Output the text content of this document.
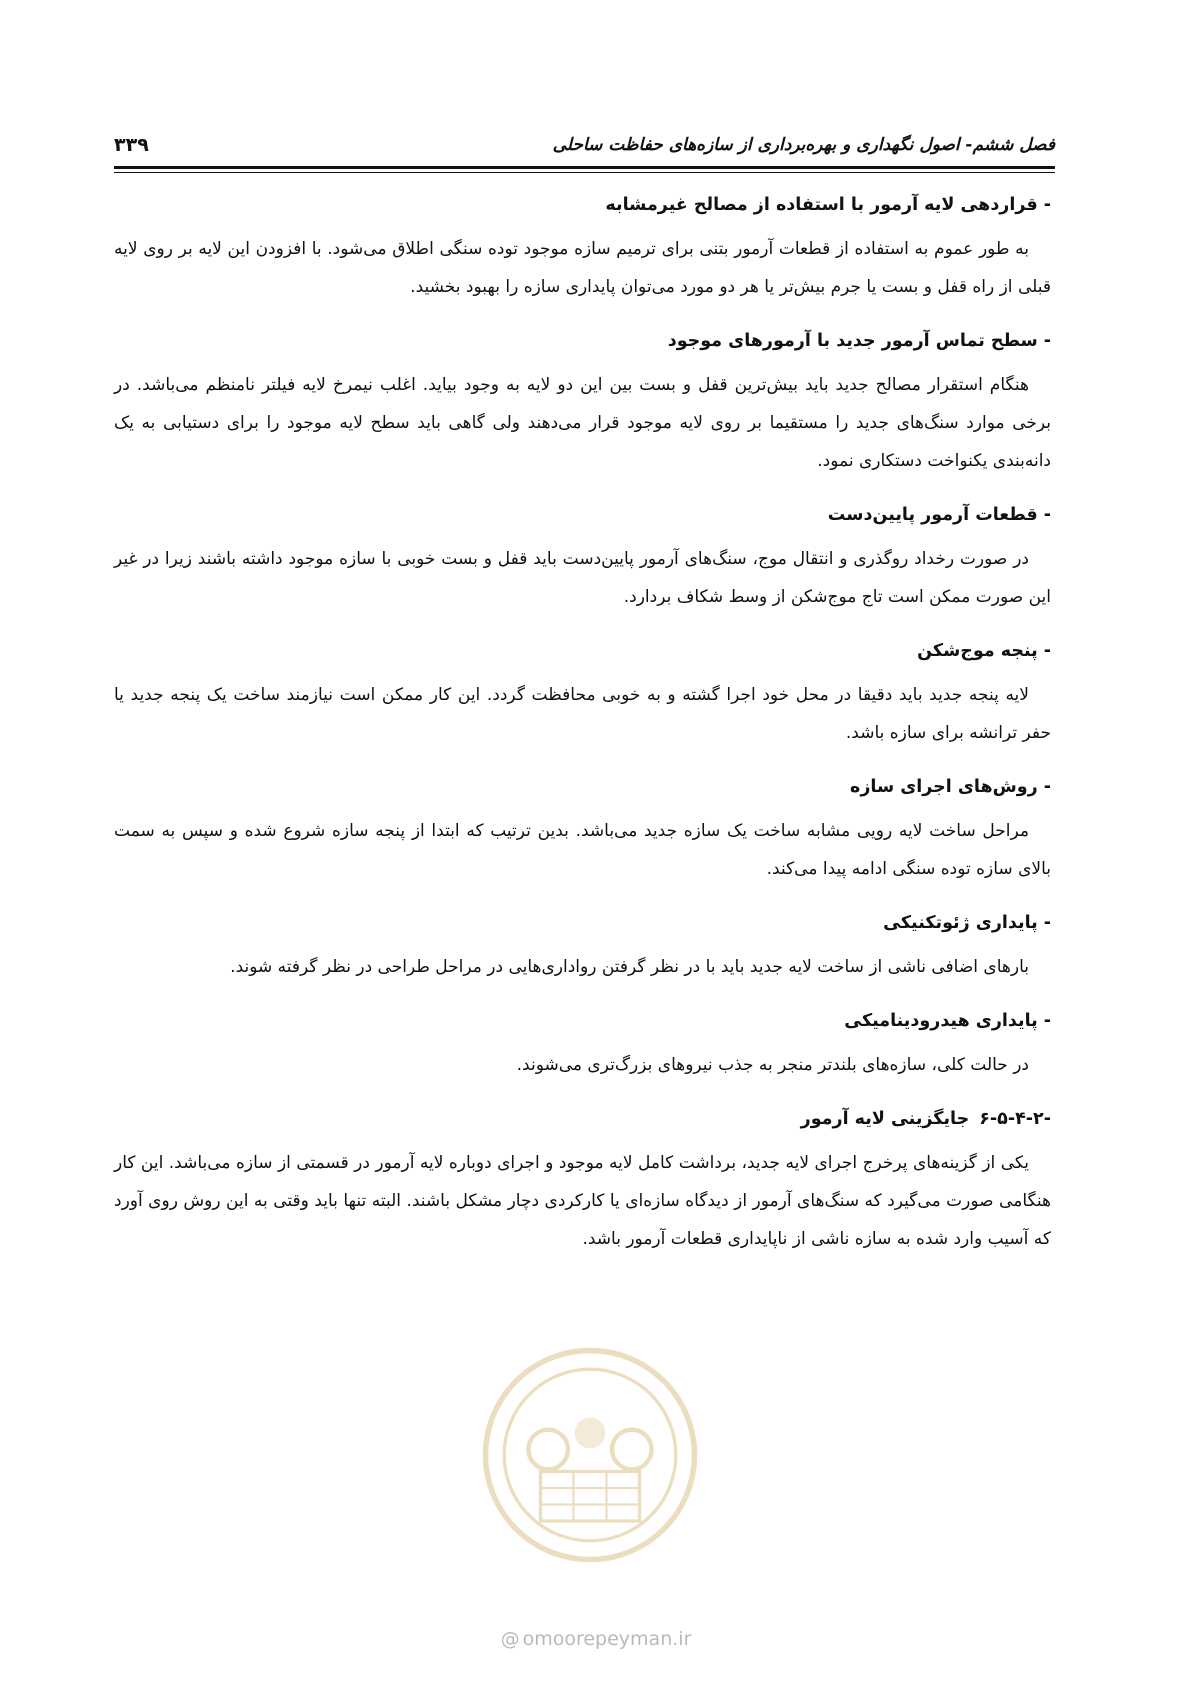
فصل ششم- اصول نگهداری و بهره‌برداری از سازه‌های حفاظت ساحلی
۳۳۹
-قراردهی لایه آرمور با استفاده از مصالح غیرمشابه

به طور عموم به استفاده از قطعات آرمور بتنی برای ترمیم سازه موجود توده سنگی اطلاق می‌شود. با افزودن این لایه بر روی لایه قبلی از راه قفل و بست یا جرم بیش‌تر یا هر دو مورد می‌توان پایداری سازه را بهبود بخشید.

-سطح تماس آرمور جدید با آرمورهای موجود

هنگام استقرار مصالح جدید باید بیش‌ترین قفل و بست بین این دو لایه به وجود بیاید. اغلب نیمرخ لایه فیلتر نامنظم می‌باشد. در برخی موارد سنگ‌های جدید را مستقیما بر روی لایه موجود قرار می‌دهند ولی گاهی باید سطح لایه موجود را برای دستیابی به یک دانه‌بندی یکنواخت دستکاری نمود.

-قطعات آرمور پایین‌دست

در صورت رخداد روگذری و انتقال موج، سنگ‌های آرمور پایین‌دست باید قفل و بست خوبی با سازه موجود داشته باشند زیرا در غیر این صورت ممکن است تاج موج‌شکن از وسط شکاف بردارد.

-پنجه موج‌شکن

لایه پنجه جدید باید دقیقا در محل خود اجرا گشته و به خوبی محافظت گردد. این کار ممکن است نیازمند ساخت یک پنجه جدید یا حفر ترانشه برای سازه باشد.

-روش‌های اجرای سازه

مراحل ساخت لایه رویی مشابه ساخت یک سازه جدید می‌باشد. بدین ترتیب که ابتدا از پنجه سازه شروع شده و سپس به سمت بالای سازه توده سنگی ادامه پیدا می‌کند.

-پایداری ژئوتکنیکی

بارهای اضافی ناشی از ساخت لایه جدید باید با در نظر گرفتن رواداری‌هایی در مراحل طراحی در نظر گرفته شوند.

-پایداری هیدرودینامیکی

در حالت کلی، سازه‌های بلندتر منجر به جذب نیروهای بزرگ‌تری می‌شوند.

۶-۵-۴-۲-جایگزینی لایه آرمور

یکی از گزینه‌های پرخرج اجرای لایه جدید، برداشت کامل لایه موجود و اجرای دوباره لایه آرمور در قسمتی از سازه می‌باشد. این کار هنگامی صورت می‌گیرد که سنگ‌های آرمور از دیدگاه سازه‌ای یا کارکردی دچار مشکل باشند. البته تنها باید وقتی به این روش روی آورد که آسیب وارد شده به سازه ناشی از ناپایداری قطعات آرمور باشد.

@ omoorepeyman.ir
